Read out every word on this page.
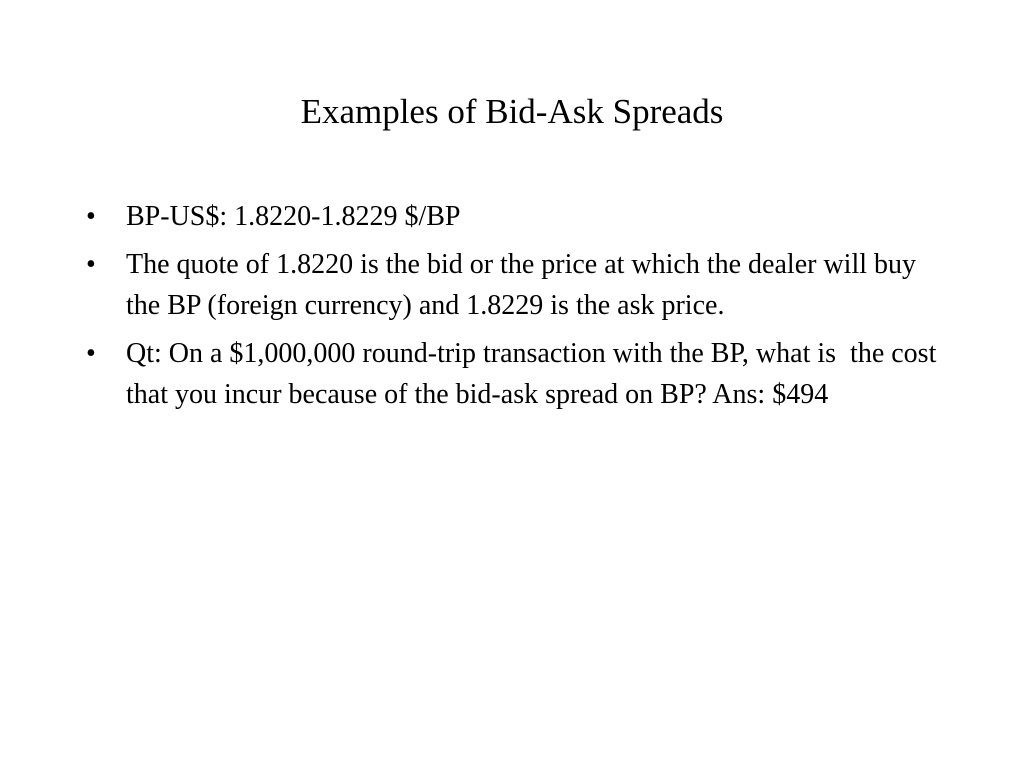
Examples of Bid-Ask Spreads
•	BP-US$: 1.8220-1.8229 $/BP
•	The quote of 1.8220 is the bid or the price at which the dealer will buy the BP (foreign currency) and 1.8229 is the ask price.
•	Qt: On a $1,000,000 round-trip transaction with the BP, what is  the cost that you incur because of the bid-ask spread on BP? Ans: $494
